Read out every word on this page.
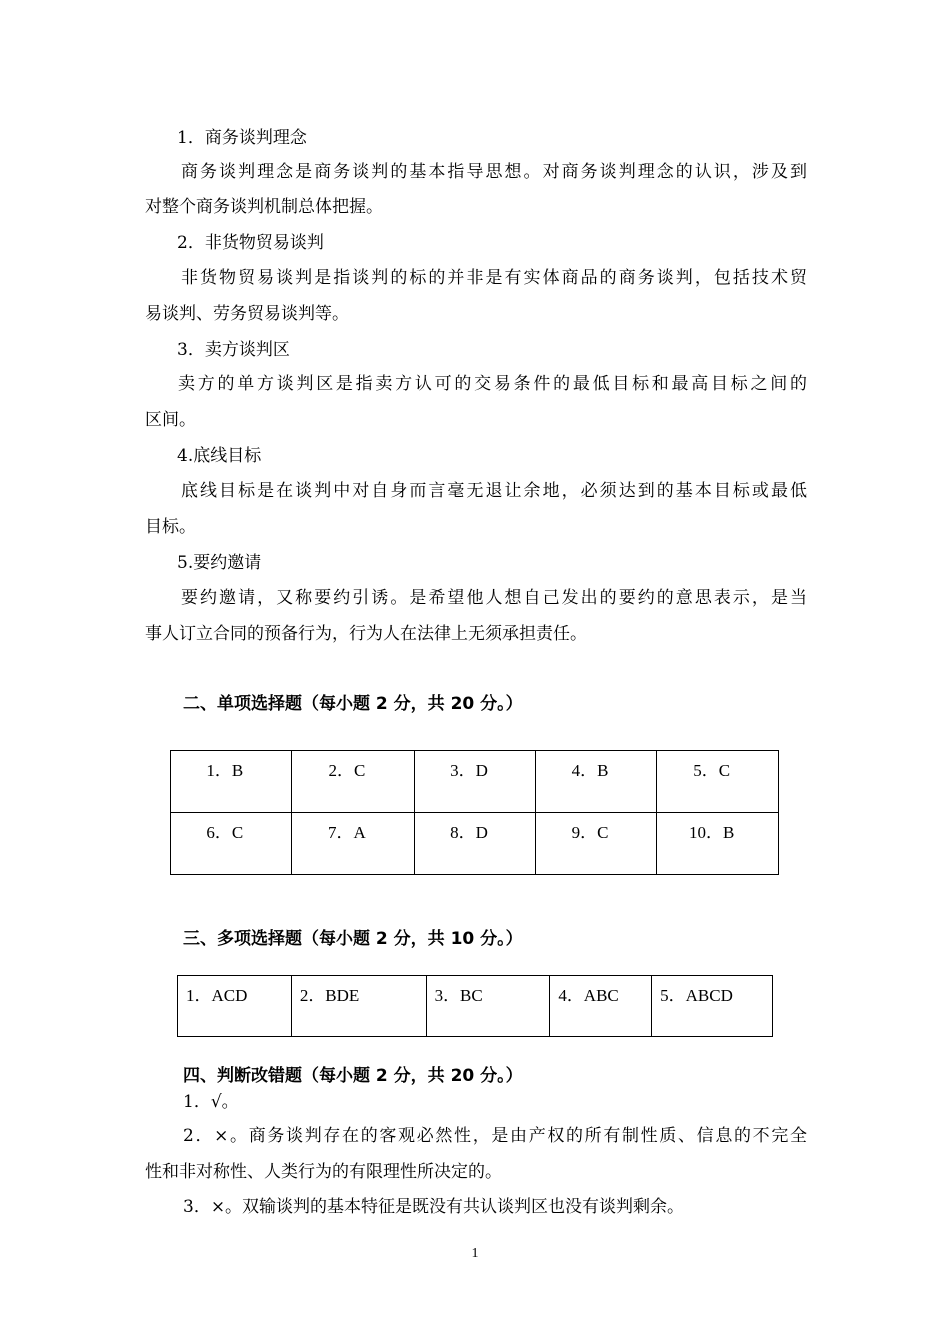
1．商务谈判理念
商务谈判理念是商务谈判的基本指导思想。对商务谈判理念的认识，涉及到
对整个商务谈判机制总体把握。
2．非货物贸易谈判
非货物贸易谈判是指谈判的标的并非是有实体商品的商务谈判，包括技术贸
易谈判、劳务贸易谈判等。
3．卖方谈判区
卖方的单方谈判区是指卖方认可的交易条件的最低目标和最高目标之间的
区间。
4.底线目标
底线目标是在谈判中对自身而言毫无退让余地，必须达到的基本目标或最低
目标。
5.要约邀请
要约邀请，又称要约引诱。是希望他人想自己发出的要约的意思表示，是当
事人订立合同的预备行为，行为人在法律上无须承担责任。
二、单项选择题（每小题 2 分，共 20 分。）
1．B	2．C	3．D	4．B	5．C

6．C	7．A	8．D	9．C	10．B
三、多项选择题（每小题 2 分，共 10 分。）
1．ACD	2．BDE	3．BC	4．ABC	5．ABCD
四、判断改错题（每小题 2 分，共 20 分。）
1．√。
2．×。商务谈判存在的客观必然性，是由产权的所有制性质、信息的不完全
性和非对称性、人类行为的有限理性所决定的。
3．×。双输谈判的基本特征是既没有共认谈判区也没有谈判剩余。
1
